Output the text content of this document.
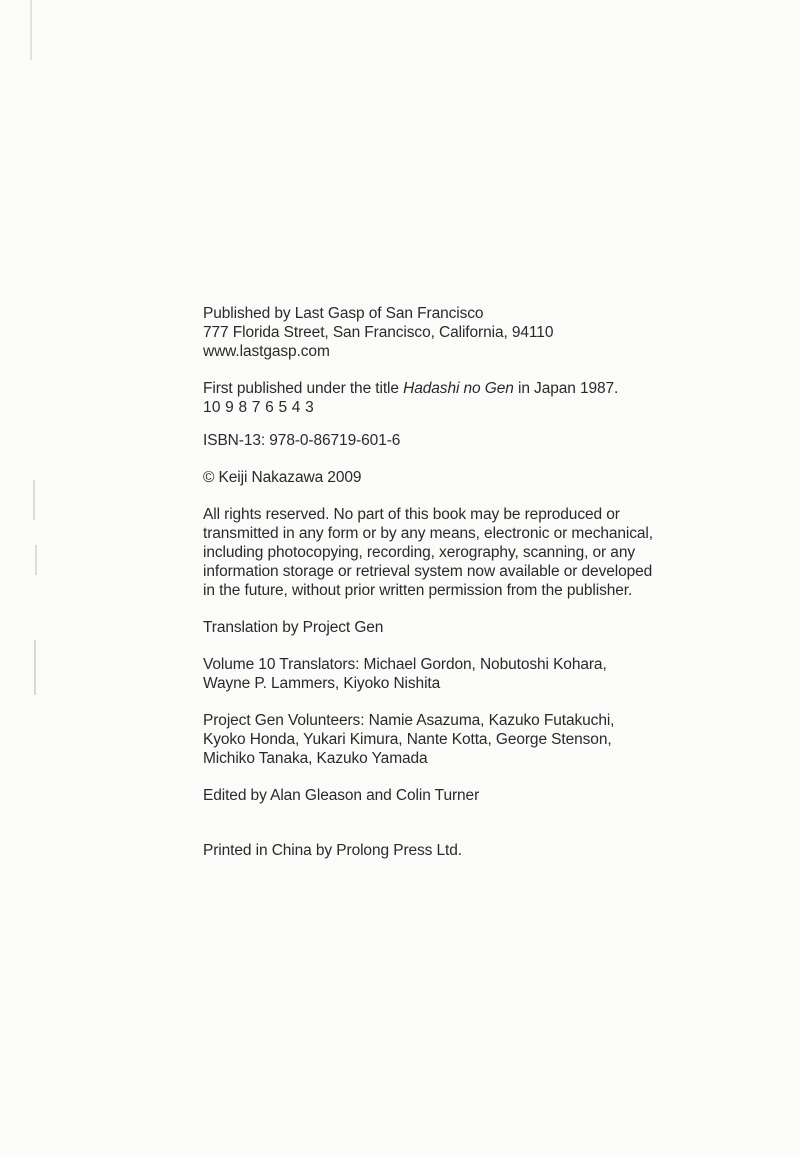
Published by Last Gasp of San Francisco
777 Florida Street, San Francisco, California, 94110
www.lastgasp.com
First published under the title Hadashi no Gen in Japan 1987.
10 9 8 7 6 5 4 3
ISBN-13: 978-0-86719-601-6
© Keiji Nakazawa 2009
All rights reserved. No part of this book may be reproduced or
transmitted in any form or by any means, electronic or mechanical,
including photocopying, recording, xerography, scanning, or any
information storage or retrieval system now available or developed
in the future, without prior written permission from the publisher.
Translation by Project Gen
Volume 10 Translators: Michael Gordon, Nobutoshi Kohara,
Wayne P. Lammers, Kiyoko Nishita
Project Gen Volunteers: Namie Asazuma, Kazuko Futakuchi,
Kyoko Honda, Yukari Kimura, Nante Kotta, George Stenson,
Michiko Tanaka, Kazuko Yamada
Edited by Alan Gleason and Colin Turner
Printed in China by Prolong Press Ltd.
